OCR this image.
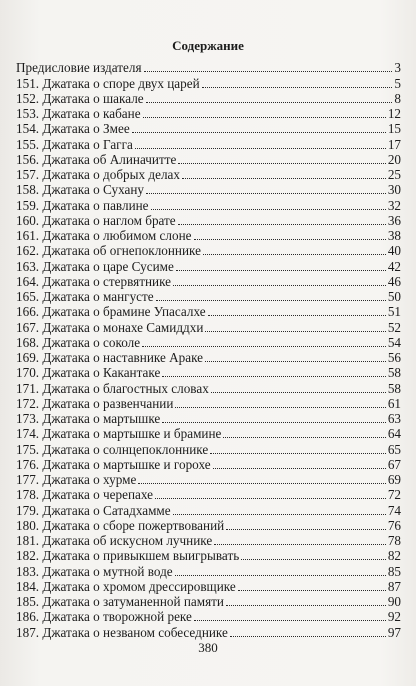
Содержание
Предисловие издателя	3
151. Джатака о споре двух царей	5
152. Джатака о шакале	8
153. Джатака о кабане	12
154. Джатака о Змее	15
155. Джатака о Гагга	17
156. Джатака об Алиначитте	20
157. Джатака о добрых делах	25
158. Джатака о Сухану	30
159. Джатака о павлине	32
160. Джатака о наглом брате	36
161. Джатака о любимом слоне	38
162. Джатака об огнепоклоннике	40
163. Джатака о царе Сусиме	42
164. Джатака о стервятнике	46
165. Джатака о мангусте	50
166. Джатака о брамине Упасалхе	51
167. Джатака о монахе Самиддхи	52
168. Джатака о соколе	54
169. Джатака о наставнике Араке	56
170. Джатака о Какантаке	58
171. Джатака о благостных словах	58
172. Джатака о развенчании	61
173. Джатака о мартышке	63
174. Джатака о мартышке и брамине	64
175. Джатака о солнцепоклоннике	65
176. Джатака о мартышке и горохе	67
177. Джатака о хурме	69
178. Джатака о черепахе	72
179. Джатака о Сатадхамме	74
180. Джатака о сборе пожертвований	76
181. Джатака об искусном лучнике	78
182. Джатака о привыкшем выигрывать	82
183. Джатака о мутной воде	85
184. Джатака о хромом дрессировщике	87
185. Джатака о затуманенной памяти	90
186. Джатака о творожной реке	92
187. Джатака о незваном собеседнике	97
380
